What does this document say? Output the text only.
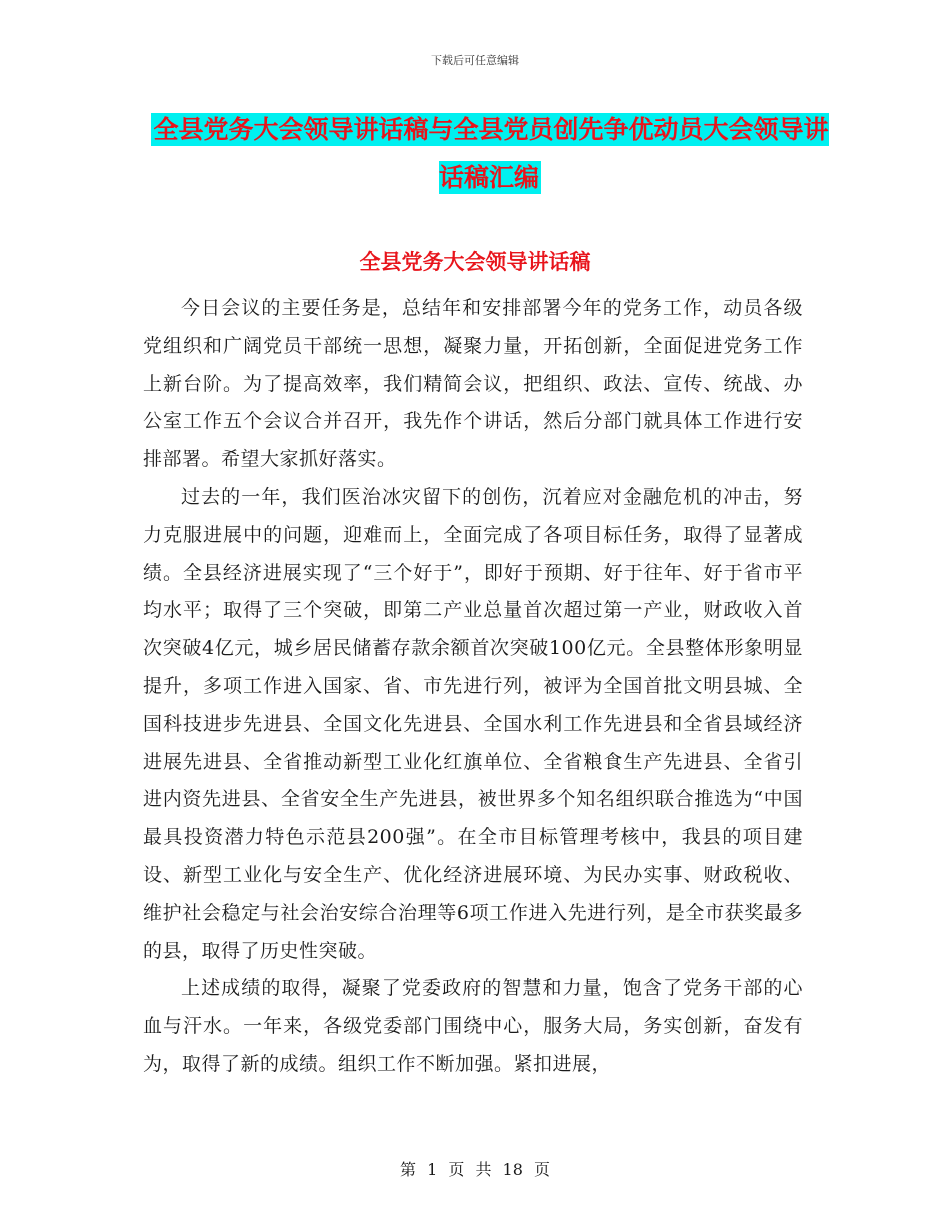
下载后可任意编辑
全县党务大会领导讲话稿与全县党员创先争优动员大会领导讲话稿汇编
全县党务大会领导讲话稿

今日会议的主要任务是，总结年和安排部署今年的党务工作，动员各级党组织和广阔党员干部统一思想，凝聚力量，开拓创新，全面促进党务工作上新台阶。为了提高效率，我们精简会议，把组织、政法、宣传、统战、办公室工作五个会议合并召开，我先作个讲话，然后分部门就具体工作进行安排部署。希望大家抓好落实。

过去的一年，我们医治冰灾留下的创伤，沉着应对金融危机的冲击，努力克服进展中的问题，迎难而上，全面完成了各项目标任务，取得了显著成绩。全县经济进展实现了“三个好于”，即好于预期、好于往年、好于省市平均水平；取得了三个突破，即第二产业总量首次超过第一产业，财政收入首次突破4亿元，城乡居民储蓄存款余额首次突破100亿元。全县整体形象明显提升，多项工作进入国家、省、市先进行列，被评为全国首批文明县城、全国科技进步先进县、全国文化先进县、全国水利工作先进县和全省县域经济进展先进县、全省推动新型工业化红旗单位、全省粮食生产先进县、全省引进内资先进县、全省安全生产先进县，被世界多个知名组织联合推选为“中国最具投资潜力特色示范县200强”。在全市目标管理考核中，我县的项目建设、新型工业化与安全生产、优化经济进展环境、为民办实事、财政税收、维护社会稳定与社会治安综合治理等6项工作进入先进行列，是全市获奖最多的县，取得了历史性突破。

上述成绩的取得，凝聚了党委政府的智慧和力量，饱含了党务干部的心血与汗水。一年来，各级党委部门围绕中心，服务大局，务实创新，奋发有为，取得了新的成绩。组织工作不断加强。紧扣进展，

第 1 页 共 18 页
